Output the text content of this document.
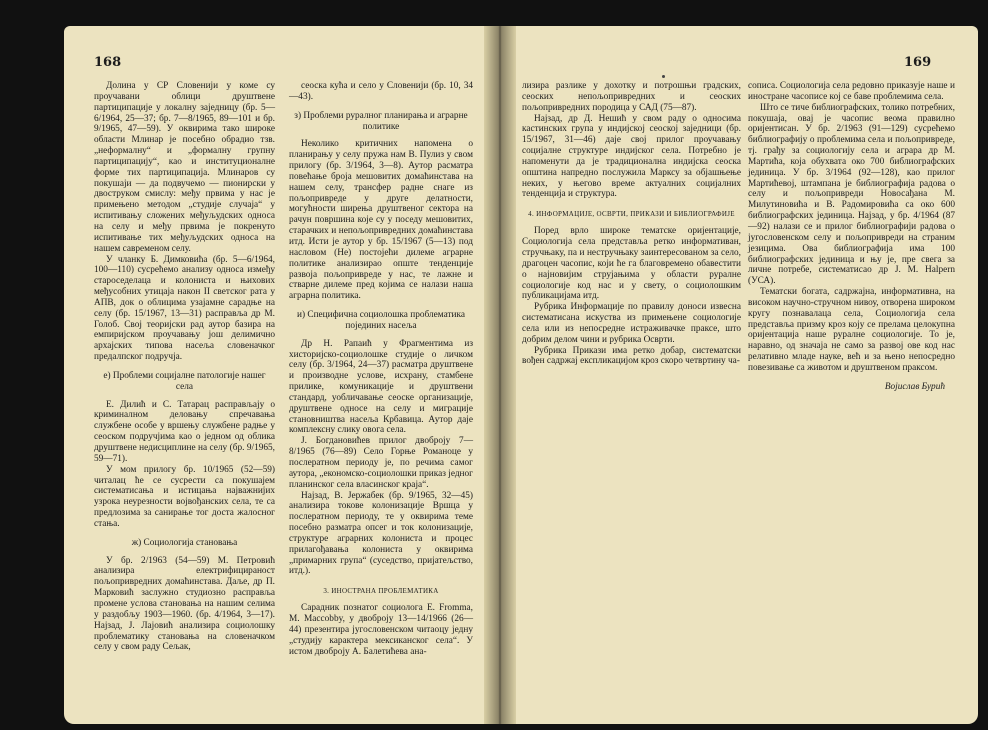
168	169

Долина у СР Словенији у коме су проучавани облици друштвене партиципације у локалну заједницу (бр. 5—6/1964, 25—37; бр. 7—8/1965, 89—101 и бр. 9/1965, 47—59). У оквирима тако широке области Млинар је посебно обрадио тзв. „неформалну“ и „формалну групну партиципацију“, као и институционалне форме тих партиципација. Млинаров су покушаји — да подвучемо — пионирски у двоструком смислу: међу првима у нас је примењено методом „студије случаја“ у испитивању сложених међуљудских односа на селу и међу првима је покренуто испитивање тих међуљудских односа на нашем савременом селу.

У чланку Б. Димковића (бр. 5—6/1964, 100—110) сусрећемо анализу односа између староседелаца и колониста и њихових међусобних утицаја након II светског рата у АПВ, док о облицима узајамне сарадње на селу (бр. 15/1967, 13—31) расправља др М. Голоб. Свој теоријски рад аутор базира на емпиријском проучавању још делимично архајских типова насеља словеначког предалпског подручја.

е) Проблеми социјалне патологије нашег села

Е. Дилић и С. Татарац расправљају о криминалном деловању спречавања службене особе у вршењу службене радње у сеоском подручјима као о једном од облика друштвене недисциплине на селу (бр. 9/1965, 59—71).

У мом прилогу бр. 10/1965 (52—59) читалац ће се сусрести са покушајем систематисања и истицања најважнијих узрока неурезности војвођанских села, те са предлозима за санирање тог доста жалосног стања.

ж) Социологија становања

У бр. 2/1963 (54—59) М. Петровић анализира електрифицираност пољопривредних домаћинстава. Даље, др П. Марковић заслужно студиозно расправља промене услова становања на нашим селима у раздобљу 1903—1960. (бр. 4/1964, 3—17). Најзад, Ј. Лајовић анализира социолошку проблематику становања на словеначком селу у свом раду Сељак,

сеоска кућа и село у Словенији (бр. 10, 34—43).

з) Проблеми руралног планирања и аграрне политике

Неколико критичних напомена о планирању у селу пружа нам В. Пулиз у свом прилогу (бр. 3/1964, 3—8). Аутор расматра повећање броја мешовитих домаћинстава на нашем селу, трансфер радне снаге из пољопривреде у друге делатности, могућности ширења друштвеног сектора на рачун површина које су у поседу мешовитих, старачких и непољопривредних домаћинстава итд. Исти је аутор у бр. 15/1967 (5—13) под насловом (Не) постојећи дилеме аграрне политике анализирао опште тенденције развоја пољопривреде у нас, те лажне и стварне дилеме пред којима се налази наша аграрна политика.

и) Специфична социолошка проблематика појединих насеља

Др Н. Рапаић у Фрагментима из хисторијско-социолошке студије о личком селу (бр. 3/1964, 24—37) расматра друштвене и производне услове, исхрану, стамбене прилике, комуникације и друштвени стандард, уобличавање сеоске организације, друштвене односе на селу и миграције становништва насеља Крбавица. Аутор даје комплексну слику овога села.

Ј. Богдановићев прилог двоброју 7—8/1965 (76—89) Село Горње Романоце у послератном периоду је, по речима самог аутора, „економско-социолошки приказ једног планинског села власинског краја“.

Најзад, В. Јержабек (бр. 9/1965, 32—45) анализира токове колонизације Вршца у послератном периоду, те у оквирима теме посебно разматра опсег и ток колонизације, структуре аграрних колониста и процес прилагођавања колониста у оквирима „примарних група“ (суседство, пријатељство, итд.).

3. ИНОСТРАНА ПРОБЛЕМАТИКА

Сарадник познатог социолога Е. Fromma, M. Maccobby, у двоброју 13—14/1966 (26—44) презентира југословенском читаоцу једну „студију карактера мексиканског села“. У истом двоброју А. Балетићева ана-

лизира разлике у дохотку и потрошњи градских, сеоских непољопривредних и сеоских пољопривредних породица у САД (75—87).

Најзад, др Д. Нешић у свом раду о односима кастинских група у индијској сеоској заједници (бр. 15/1967, 31—46) даје свој прилог проучавању социјалне структуре индијског села. Потребно је напоменути да је традиционална индијска сеоска општина напредно послужила Марксу за објашњење неких, у његово време актуалних социјалних тенденција и структура.

4. ИНФОРМАЦИЈЕ, ОСВРТИ, ПРИКАЗИ И БИБЛИОГРАФИЈЕ

Поред врло широке тематске оријентације, Социологија села представља ретко информативан, стручњаку, па и нестручњаку заинтересованом за село, драгоцен часопис, који ће га благовремено обавестити о најновијим струјањима у области руралне социологије код нас и у свету, о социолошким публикацијама итд.

Рубрика Информације по правилу доноси извесна систематисана искуства из примењене социологије села или из непосредне истраживачке праксе, што добрим делом чини и рубрика Осврти.

Рубрика Прикази има ретко добар, систематски вођен садржај експликацијом кроз скоро четвртину ча-

сописа. Социологија села редовно приказује наше и иностране часописе кој се баве проблемима села.

Што се тиче библиографских, толико потребних, покушаја, овај је часопис веома правилно оријентисан. У бр. 2/1963 (91—129) сусрећемо библиографију о проблемима села и пољопривреде, тј. грађу за социологију села и аграра др М. Мартића, која обухвата око 700 библиографских јединица. У бр. 3/1964 (92—128), као прилог Мартићевој, штампана је библиографија радова о селу и пољопривреди Новосађана М. Милутиновића и В. Радомировића са око 600 библиографских јединица. Најзад, у бр. 4/1964 (87—92) налази се и прилог библиографији радова о југословенском селу и пољопривреди на страним језицима. Ова библиографија има 100 библиографских јединица и њу је, пре свега за личне потребе, систематисао др J. M. Halpern (УСА).

Тематски богата, садржајна, информативна, на високом научно-стручном нивоу, отворена широком кругу познавалаца села, Социологија села представља призму кроз коју се прелама целокупна оријентација наше руралне социологије. То је, наравно, од значаја не само за развој ове код нас релативно младе науке, већ и за њено непосредно повезивање са животом и друштвеном праксом.

Војислав Бурић
